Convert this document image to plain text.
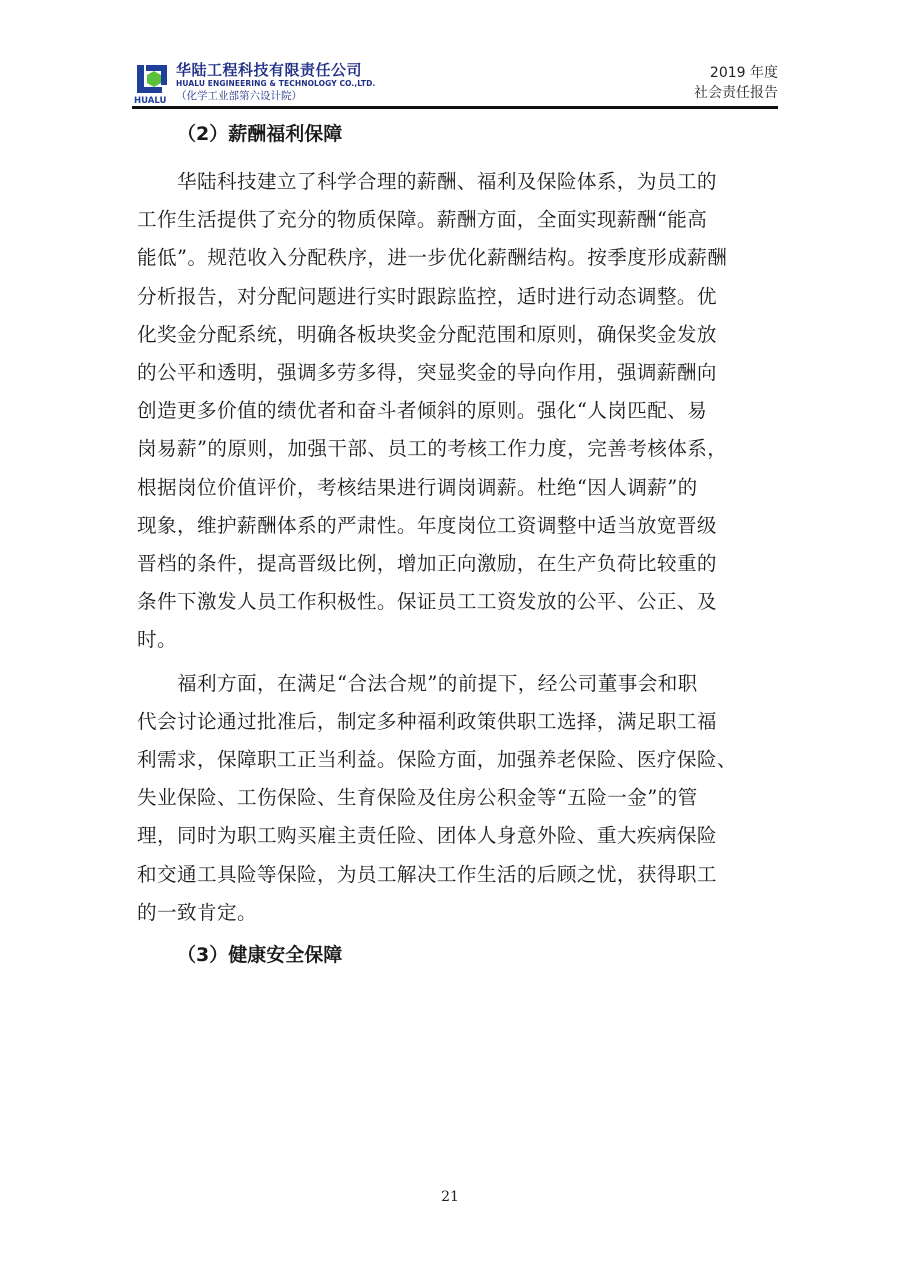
HUALU
华陆工程科技有限责任公司
HUALU ENGINEERING & TECHNOLOGY CO.,LTD.
（化学工业部第六设计院）
2019 年度
社会责任报告
（2）薪酬福利保障
华陆科技建立了科学合理的薪酬、福利及保险体系，为员工的
工作生活提供了充分的物质保障。薪酬方面，全面实现薪酬“能高
能低”。规范收入分配秩序，进一步优化薪酬结构。按季度形成薪酬
分析报告，对分配问题进行实时跟踪监控，适时进行动态调整。优
化奖金分配系统，明确各板块奖金分配范围和原则，确保奖金发放
的公平和透明，强调多劳多得，突显奖金的导向作用，强调薪酬向
创造更多价值的绩优者和奋斗者倾斜的原则。强化“人岗匹配、易
岗易薪”的原则，加强干部、员工的考核工作力度，完善考核体系，
根据岗位价值评价，考核结果进行调岗调薪。杜绝“因人调薪”的
现象，维护薪酬体系的严肃性。年度岗位工资调整中适当放宽晋级
晋档的条件，提高晋级比例，增加正向激励，在生产负荷比较重的
条件下激发人员工作积极性。保证员工工资发放的公平、公正、及
时。
福利方面，在满足“合法合规”的前提下，经公司董事会和职
代会讨论通过批准后，制定多种福利政策供职工选择，满足职工福
利需求，保障职工正当利益。保险方面，加强养老保险、医疗保险、
失业保险、工伤保险、生育保险及住房公积金等“五险一金”的管
理，同时为职工购买雇主责任险、团体人身意外险、重大疾病保险
和交通工具险等保险，为员工解决工作生活的后顾之忧，获得职工
的一致肯定。
（3）健康安全保障
21
